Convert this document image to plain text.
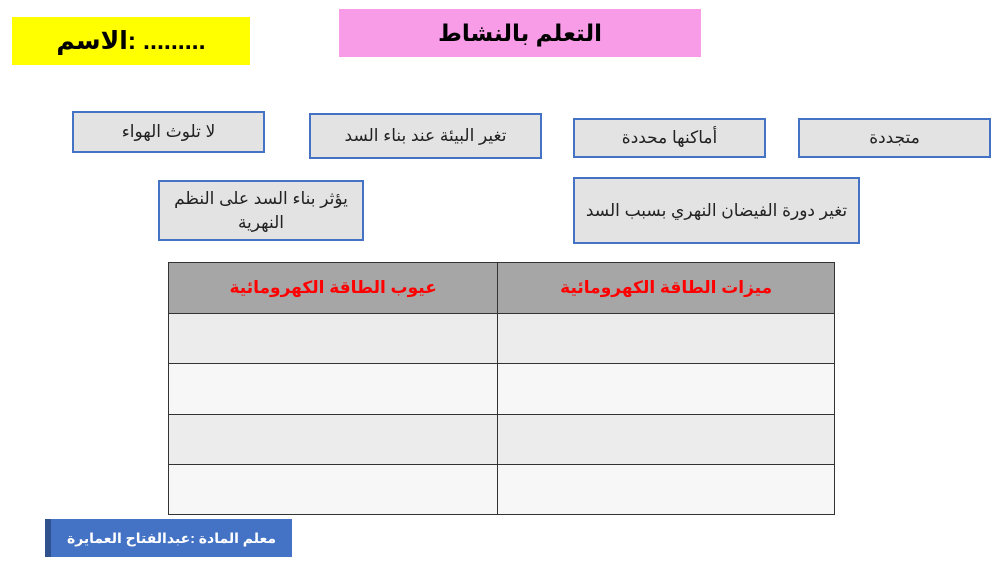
الاسم: .........	التعلم بالنشاط
لا تلوث الهواء	تغير البيئة عند بناء السد	أماكنها محددة	متجددة
يؤثر بناء السد على النظم النهرية
تغير دورة الفيضان النهري بسبب السد
ميزات الطاقة الكهرومائية	عيوب الطاقة الكهرومائية

معلم المادة :عبدالفتاح العمايرة
